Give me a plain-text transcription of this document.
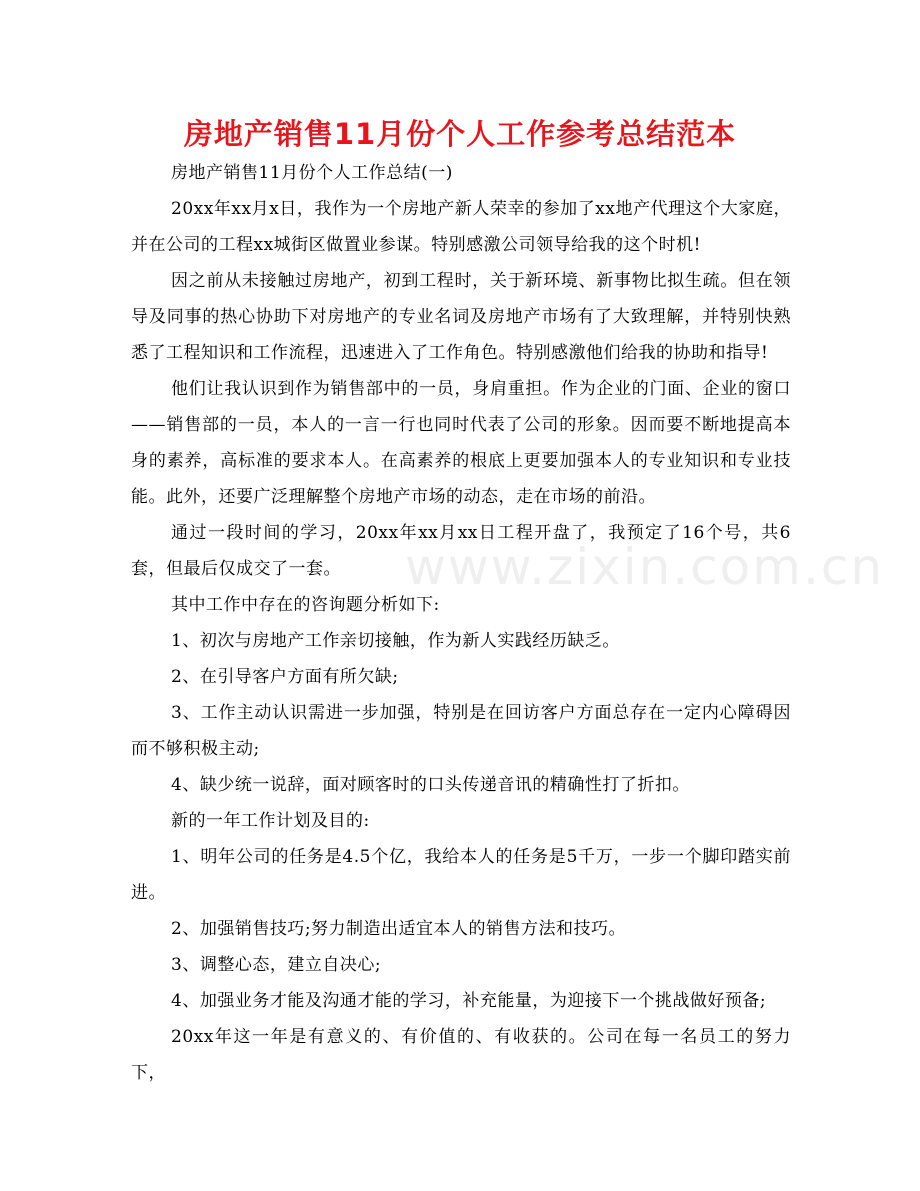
房地产销售11月份个人工作参考总结范本
www.zixin.com.cn

房地产销售11月份个人工作总结(一)

20xx年xx月x日，我作为一个房地产新人荣幸的参加了xx地产代理这个大家庭，并在公司的工程xx城街区做置业参谋。特别感激公司领导给我的这个时机!

因之前从未接触过房地产，初到工程时，关于新环境、新事物比拟生疏。但在领导及同事的热心协助下对房地产的专业名词及房地产市场有了大致理解，并特别快熟悉了工程知识和工作流程，迅速进入了工作角色。特别感激他们给我的协助和指导!

他们让我认识到作为销售部中的一员，身肩重担。作为企业的门面、企业的窗口——销售部的一员，本人的一言一行也同时代表了公司的形象。因而要不断地提高本身的素养，高标准的要求本人。在高素养的根底上更要加强本人的专业知识和专业技能。此外，还要广泛理解整个房地产市场的动态，走在市场的前沿。

通过一段时间的学习，20xx年xx月xx日工程开盘了，我预定了16个号，共6套，但最后仅成交了一套。

其中工作中存在的咨询题分析如下:

1、初次与房地产工作亲切接触，作为新人实践经历缺乏。

2、在引导客户方面有所欠缺;

3、工作主动认识需进一步加强，特别是在回访客户方面总存在一定内心障碍因而不够积极主动;

4、缺少统一说辞，面对顾客时的口头传递音讯的精确性打了折扣。

新的一年工作计划及目的:

1、明年公司的任务是4.5个亿，我给本人的任务是5千万，一步一个脚印踏实前进。

2、加强销售技巧;努力制造出适宜本人的销售方法和技巧。

3、调整心态，建立自决心;

4、加强业务才能及沟通才能的学习，补充能量，为迎接下一个挑战做好预备;

20xx年这一年是有意义的、有价值的、有收获的。公司在每一名员工的努力下，
